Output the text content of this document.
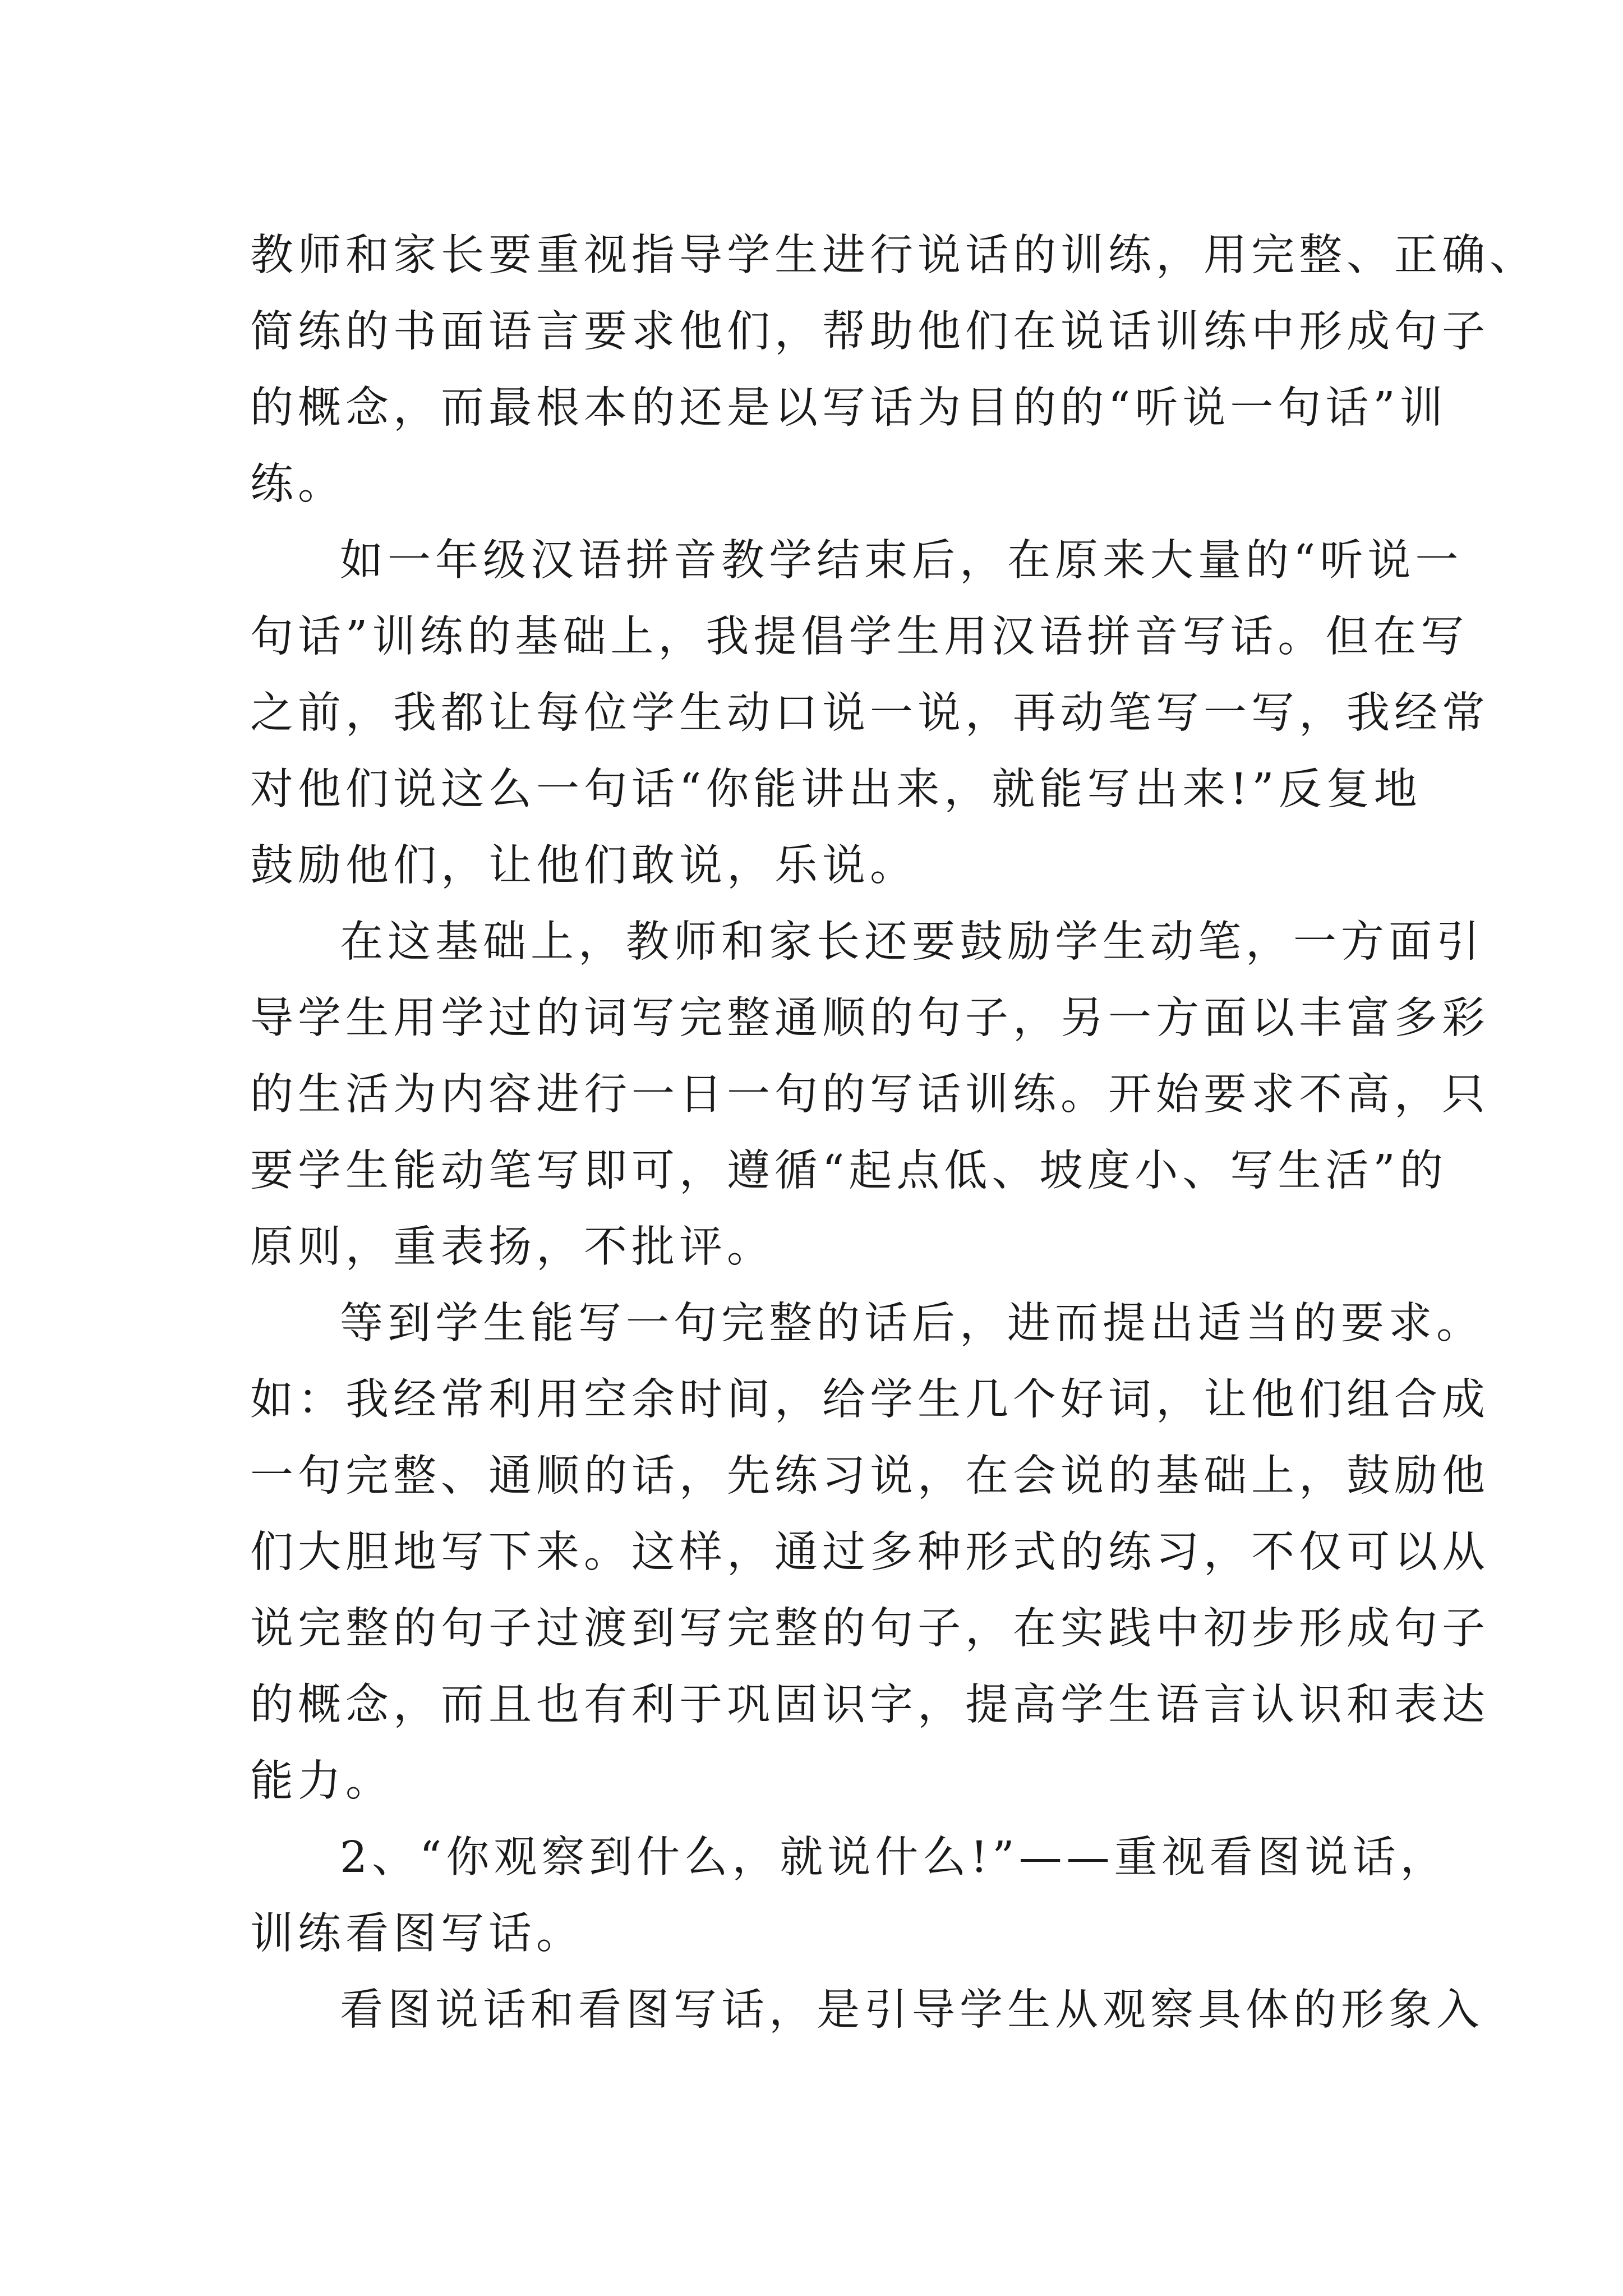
教师和家长要重视指导学生进行说话的训练，用完整、正确、
简练的书面语言要求他们，帮助他们在说话训练中形成句子
的概念，而最根本的还是以写话为目的的“听说一句话”训
练。
如一年级汉语拼音教学结束后，在原来大量的“听说一
句话”训练的基础上，我提倡学生用汉语拼音写话。但在写
之前，我都让每位学生动口说一说，再动笔写一写，我经常
对他们说这么一句话“你能讲出来，就能写出来!”反复地
鼓励他们，让他们敢说，乐说。
在这基础上，教师和家长还要鼓励学生动笔，一方面引
导学生用学过的词写完整通顺的句子，另一方面以丰富多彩
的生活为内容进行一日一句的写话训练。开始要求不高，只
要学生能动笔写即可，遵循“起点低、坡度小、写生活”的
原则，重表扬，不批评。
等到学生能写一句完整的话后，进而提出适当的要求。
如：我经常利用空余时间，给学生几个好词，让他们组合成
一句完整、通顺的话，先练习说，在会说的基础上，鼓励他
们大胆地写下来。这样，通过多种形式的练习，不仅可以从
说完整的句子过渡到写完整的句子，在实践中初步形成句子
的概念，而且也有利于巩固识字，提高学生语言认识和表达
能力。
2、“你观察到什么，就说什么!”——重视看图说话，
训练看图写话。
看图说话和看图写话，是引导学生从观察具体的形象入
